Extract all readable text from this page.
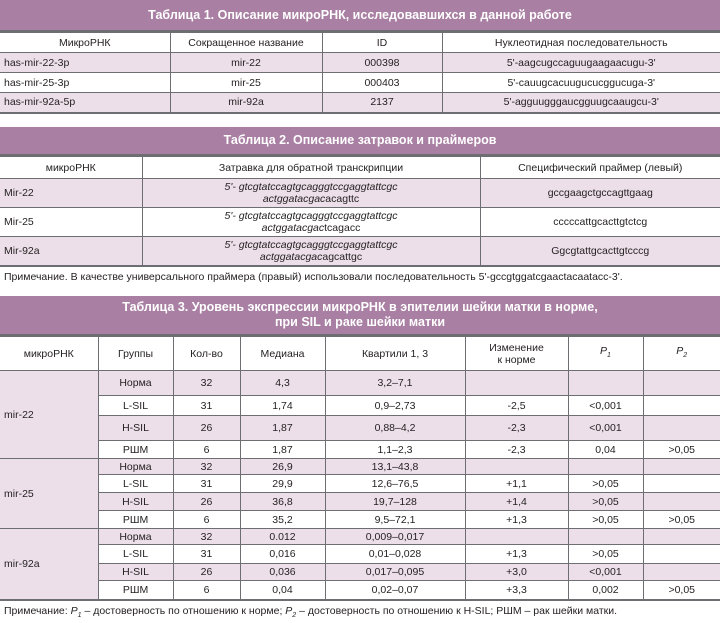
Таблица 1. Описание микроРНК, исследовавшихся в данной работе
МикроРНК	Сокращенное название	ID	Нуклеотидная последовательность
has-mir-22-3p	mir-22	000398	5'-aagcugccaguugaagaacugu-3'
has-mir-25-3p	mir-25	000403	5'-cauugcacuugucucggucuga-3'
has-mir-92a-5p	mir-92a	2137	5'-agguugggaucgguugcaaugcu-3'
Таблица 2. Описание затравок и праймеров
микроРНК	Затравка для обратной транскрипции	Специфический праймер (левый)
Mir-22	5'- gtcgtatccagtgcagggtccgaggtattcgc
actggatacgacacagttc	gccgaagctgccagttgaag
Mir-25	5'- gtcgtatccagtgcagggtccgaggtattcgc
actggatacgactcagacc	cccccattgcacttgtctcg
Mir-92a	5'- gtcgtatccagtgcagggtccgaggtattcgc
actggatacgacagcattgc	Ggcgtattgcacttgtcccg
Примечание. В качестве универсального праймера (правый) использовали последовательность 5'-gccgtggatcgaactacaatacc-3'.
Таблица 3. Уровень экспрессии микроРНК в эпителии шейки матки в норме,
при SIL и раке шейки матки
микроРНК	Группы	Кол-во	Медиана	Квартили 1, 3	Изменение
к норме	$P_1$	$P_2$
mir-22	Норма	32	4,3	3,2–7,1			
	L-SIL	31	1,74	0,9–2,73	-2,5	<0,001	
	H-SIL	26	1,87	0,88–4,2	-2,3	<0,001	
	РШМ	6	1,87	1,1–2,3	-2,3	0,04	>0,05
mir-25	Норма	32	26,9	13,1–43,8			
	L-SIL	31	29,9	12,6–76,5	+1,1	>0,05	
	H-SIL	26	36,8	19,7–128	+1,4	>0,05	
	РШМ	6	35,2	9,5–72,1	+1,3	>0,05	>0,05
mir-92a	Норма	32	0.012	0,009–0,017			
	L-SIL	31	0,016	0,01–0,028	+1,3	>0,05	
	H-SIL	26	0,036	0,017–0,095	+3,0	<0,001	
	РШМ	6	0,04	0,02–0,07	+3,3	0,002	>0,05
Примечание: $P_1$ – достоверность по отношению к норме; $P_2$ – достоверность по отношению к H-SIL; РШМ – рак шейки матки.
